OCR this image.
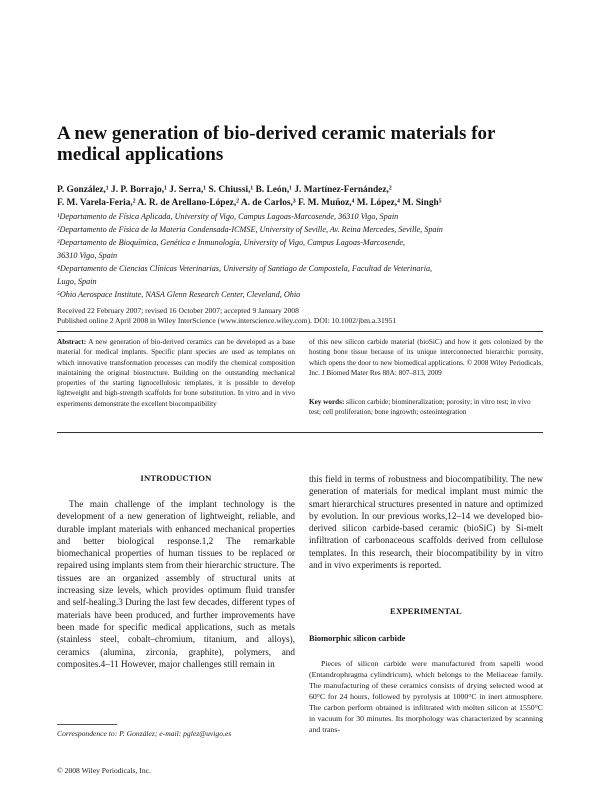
A new generation of bio-derived ceramic materials for medical applications

P. González,¹ J. P. Borrajo,¹ J. Serra,¹ S. Chiussi,¹ B. León,¹ J. Martínez-Fernández,²

F. M. Varela-Feria,² A. R. de Arellano-López,² A. de Carlos,³ F. M. Muñoz,⁴ M. López,⁴ M. Singh⁵

¹Departamento de Física Aplicada, University of Vigo, Campus Lagoas-Marcosende, 36310 Vigo, Spain

²Departamento de Física de la Materia Condensada-ICMSE, University of Seville, Av. Reina Mercedes, Seville, Spain

³Departamento de Bioquímica, Genética e Inmunología, University of Vigo, Campus Lagoas-Marcosende,

36310 Vigo, Spain

⁴Departamento de Ciencias Clínicas Veterinarias, University of Santiago de Compostela, Facultad de Veterinaria,

Lugo, Spain

⁵Ohio Aerospace Institute, NASA Glenn Research Center, Cleveland, Ohio

Received 22 February 2007; revised 16 October 2007; accepted 9 January 2008

Published online 2 April 2008 in Wiley InterScience (www.interscience.wiley.com). DOI: 10.1002/jbm.a.31951

Abstract: A new generation of bio-derived ceramics can be developed as a base material for medical implants. Specific plant species are used as templates on which innovative transformation processes can modify the chemical composition maintaining the original biostructure. Building on the outstanding mechanical properties of the starting lignocellulosic templates, it is possible to develop lightweight and high-strength scaffolds for bone substitution. In vitro and in vivo experiments demonstrate the excellent biocompatibility
of this new silicon carbide material (bioSiC) and how it gets colonized by the hosting bone tissue because of its unique interconnected hierarchic porosity, which opens the door to new biomedical applications. © 2008 Wiley Periodicals, Inc. J Biomed Mater Res 88A: 807–813, 2009
Key words: silicon carbide; biomineralization; porosity; in vitro test; in vivo test; cell proliferation; bone ingrowth; osteointegration
INTRODUCTION

The main challenge of the implant technology is the development of a new generation of lightweight, reliable, and durable implant materials with enhanced mechanical properties and better biological response.1,2 The remarkable biomechanical properties of human tissues to be replaced or repaired using implants stem from their hierarchic structure. The tissues are an organized assembly of structural units at increasing size levels, which provides optimum fluid transfer and self-healing.3 During the last few decades, different types of materials have been produced, and further improvements have been made for specific medical applications, such as metals (stainless steel, cobalt–chromium, titanium, and alloys), ceramics (alumina, zirconia, graphite), polymers, and composites.4–11 However, major challenges still remain in

this field in terms of robustness and biocompatibility. The new generation of materials for medical implant must mimic the smart hierarchical structures presented in nature and optimized by evolution. In our previous works,12–14 we developed bio-derived silicon carbide-based ceramic (bioSiC) by Si-melt infiltration of carbonaceous scaffolds derived from cellulose templates. In this research, their biocompatibility by in vitro and in vivo experiments is reported.

EXPERIMENTAL
Biomorphic silicon carbide

Pieces of silicon carbide were manufactured from sapelli wood (Entandrophragma cylindricum), which belongs to the Meliaceae family. The manufacturing of these ceramics consists of drying selected wood at 60°C for 24 hours, followed by pyrolysis at 1000°C in inert atmosphere. The carbon perform obtained is infiltrated with molten silicon at 1550°C in vacuum for 30 minutes. Its morphology was characterized by scanning and trans-

Correspondence to: P. González; e-mail: pglez@uvigo.es
© 2008 Wiley Periodicals, Inc.
